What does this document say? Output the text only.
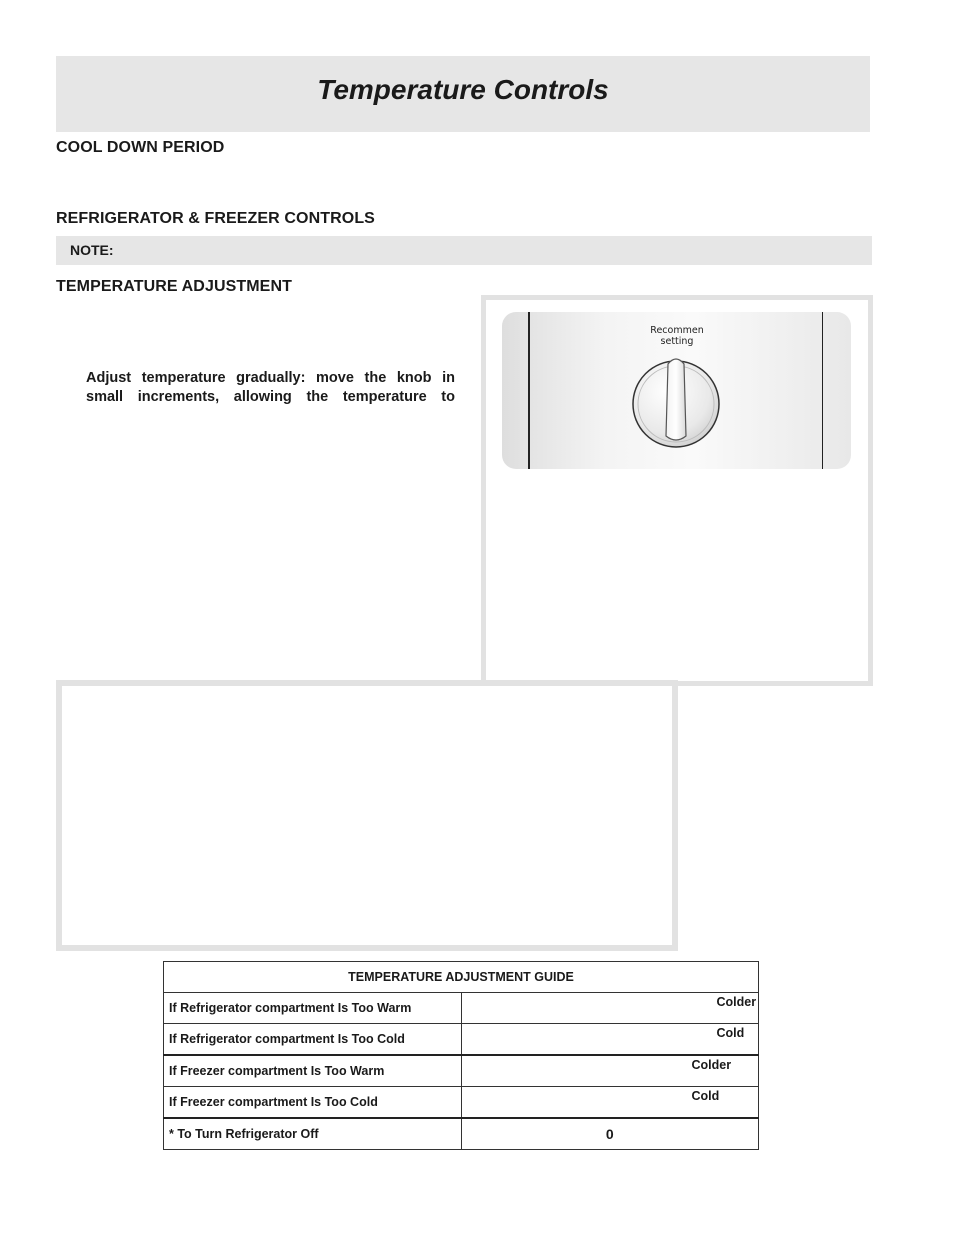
Temperature Controls
COOL DOWN PERIOD
REFRIGERATOR & FREEZER CONTROLS
NOTE:
TEMPERATURE ADJUSTMENT
Adjust temperature gradually: move the knob in
small increments, allowing the temperature to
Recommen
setting
TEMPERATURE ADJUSTMENT GUIDE	
If Refrigerator compartment Is Too Warm	Colder

If Refrigerator compartment Is Too Cold	Cold

If Freezer compartment Is Too Warm	Colder

If Freezer compartment Is Too Cold	Cold

* To Turn Refrigerator Off	0
